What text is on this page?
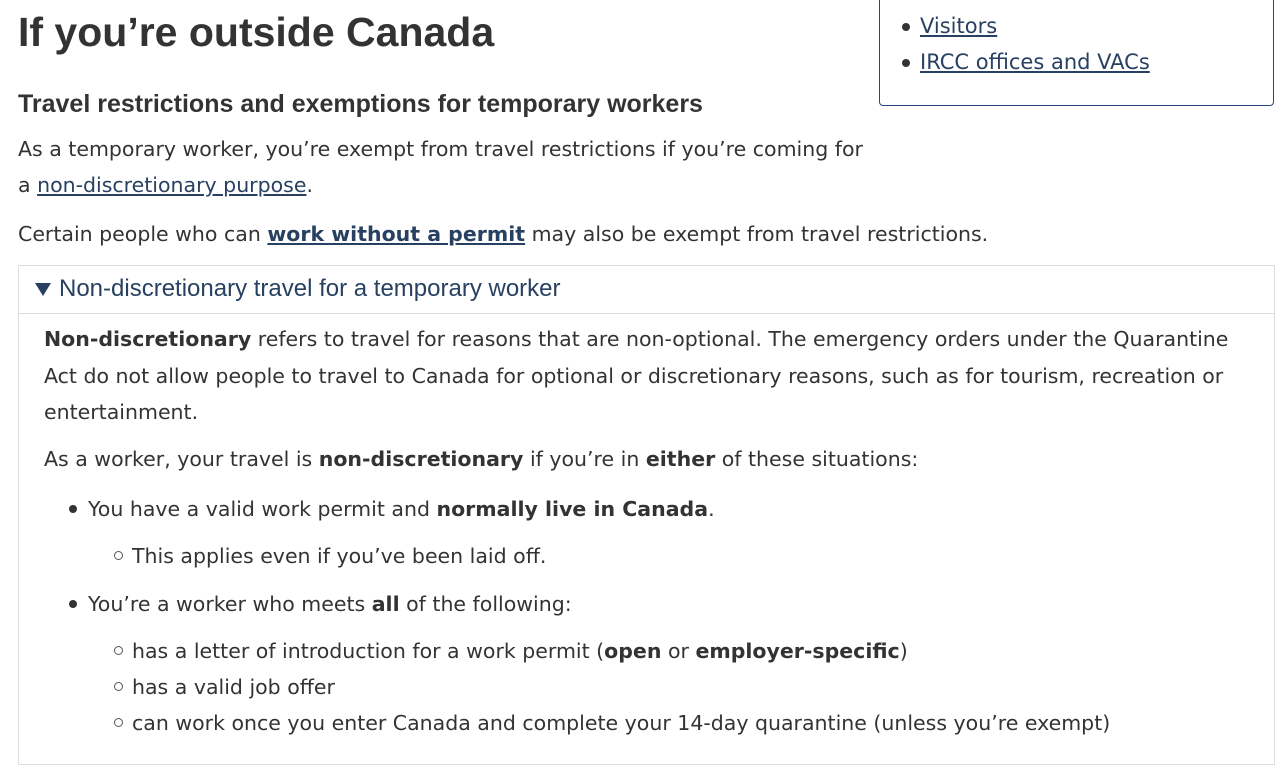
If you’re outside Canada	Visitors
IRCC offices and VACs
Travel restrictions and exemptions for temporary workers

As a temporary worker, you’re exempt from travel restrictions if you’re coming for a non-discretionary purpose.

Certain people who can work without a permit may also be exempt from travel restrictions.

Non-discretionary travel for a temporary worker

Non-discretionary refers to travel for reasons that are non-optional. The emergency orders under the Quarantine Act do not allow people to travel to Canada for optional or discretionary reasons, such as for tourism, recreation or entertainment.

As a worker, your travel is non-discretionary if you’re in either of these situations:

You have a valid work permit and normally live in Canada.
This applies even if you’ve been laid off.
You’re a worker who meets all of the following:
has a letter of introduction for a work permit (open or employer-specific)
has a valid job offer
can work once you enter Canada and complete your 14-day quarantine (unless you’re exempt)
